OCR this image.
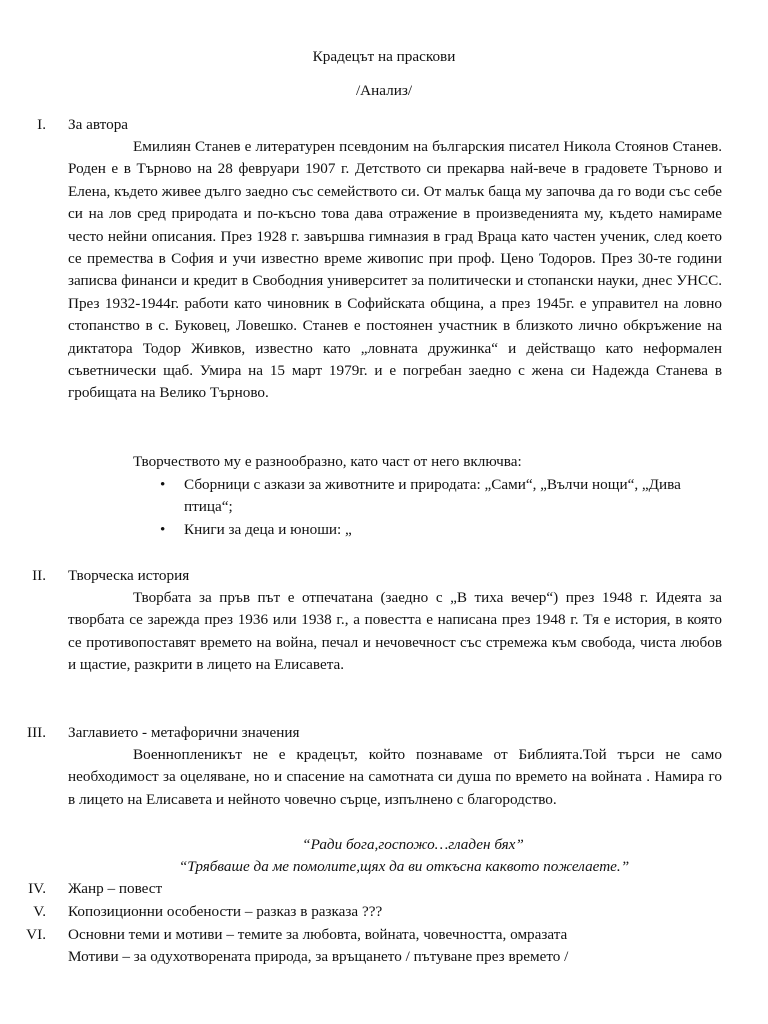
Крадецът на праскови
/Анализ/
I. За автора

Емилиян Станев е литературен псевдоним на българския писател Никола Стоянов Станев. Роден е в Търново на 28 февруари 1907 г. Детството си прекарва най-вече в градовете Търново и Елена, където живее дълго заедно със семейството си. От малък баща му започва да го води със себе си на лов сред природата и по-късно това дава отражение в произведенията му, където намираме често нейни описания. През 1928 г. завършва гимназия в град Враца като частен ученик, след което се премества в София и учи известно време живопис при проф. Цено Тодоров. През 30-те години записва финанси и кредит в Свободния университет за политически и стопански науки, днес УНСС. През 1932-1944г. работи като чиновник в Софийската община, а през 1945г. е управител на ловно стопанство в с. Буковец, Ловешко. Станев е постоянен участник в близкото лично обкръжение на диктатора Тодор Живков, известно като „ловната дружинка“ и действащо като неформален съветнически щаб. Умира на 15 март 1979г. и е погребан заедно с жена си Надежда Станева в гробищата на Велико Търново.

Творчеството му е разнообразно, като част от него включва:

• Сборници с азкази за животните и природата: „Сами“, „Вълчи нощи“, „Дива птица“;
• Книги за деца и юноши: „
II. Творческа история

Творбата за пръв път е отпечатана (заедно с „В тиха вечер“) през 1948 г. Идеята за творбата се зарежда през 1936 или 1938 г., а повестта е написана през 1948 г. Тя е история, в която се противопоставят времето на война, печал и нечовечност със стремежа към свобода, чиста любов и щастие, разкрити в лицето на Елисавета.

III. Заглавието - метафорични значения

Военнопленикът не е крадецът, който познаваме от Библията.Той търси не само необходимост за оцеляване, но и спасение на самотната си душа по времето на войната . Намира го в лицето на Елисавета и нейното човечно сърце, изпълнено с благородство.

“Ради бога,госпожо…гладен бях”
“Трябваше да ме помолите,щях да ви откъсна каквото пожелаете.”
IV. Жанр – повест
V. Копозиционни особености – разказ в разказа ???
VI. Основни теми и мотиви – темите за любовта, войната, човечността, омразата
Мотиви – за одухотворената природа, за връщането / пътуване през времето /
